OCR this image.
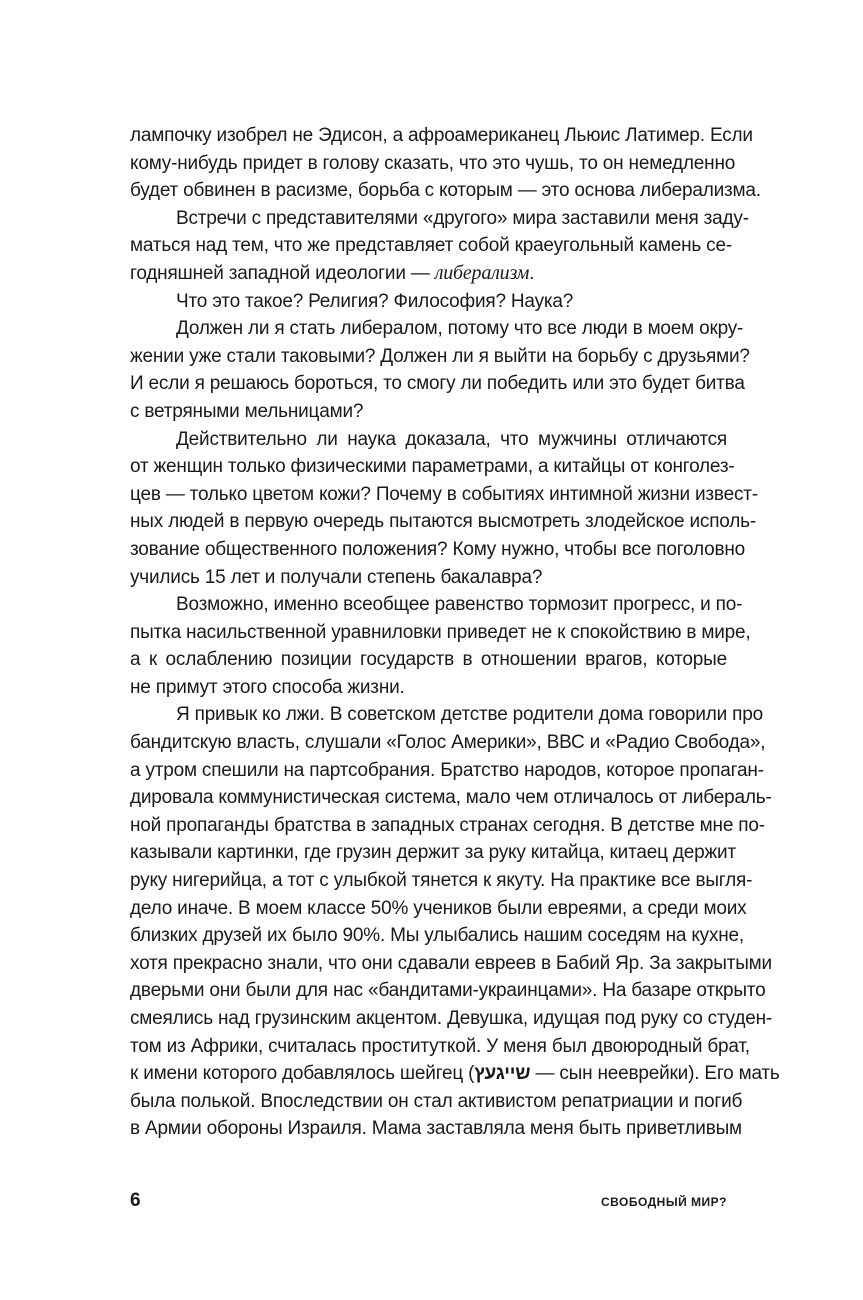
лампочку изобрел не Эдисон, а афроамериканец Льюис Латимер. Если
кому-нибудь придет в голову сказать, что это чушь, то он немедленно
будет обвинен в расизме, борьба с которым — это основа либерализма.
Встречи с представителями «другого» мира заставили меня заду-
маться над тем, что же представляет собой краеугольный камень се-
годняшней западной идеологии — либерализм.
Что это такое? Религия? Философия? Наука?
Должен ли я стать либералом, потому что все люди в моем окру-
жении уже стали таковыми? Должен ли я выйти на борьбу с друзьями?
И если я решаюсь бороться, то смогу ли победить или это будет битва
с ветряными мельницами?
Действительно ли наука доказала, что мужчины отличаются
от женщин только физическими параметрами, а китайцы от конголез-
цев — только цветом кожи? Почему в событиях интимной жизни извест-
ных людей в первую очередь пытаются высмотреть злодейское исполь-
зование общественного положения? Кому нужно, чтобы все поголовно
учились 15 лет и получали степень бакалавра?
Возможно, именно всеобщее равенство тормозит прогресс, и по-
пытка насильственной уравниловки приведет не к спокойствию в мире,
а к ослаблению позиции государств в отношении врагов, которые
не примут этого способа жизни.
Я привык ко лжи. В советском детстве родители дома говорили про
бандитскую власть, слушали «Голос Америки», ВВС и «Радио Свобода»,
а утром спешили на партсобрания. Братство народов, которое пропаган-
дировала коммунистическая система, мало чем отличалось от либераль-
ной пропаганды братства в западных странах сегодня. В детстве мне по-
казывали картинки, где грузин держит за руку китайца, китаец держит
руку нигерийца, а тот с улыбкой тянется к якуту. На практике все выгля-
дело иначе. В моем классе 50% учеников были евреями, а среди моих
близких друзей их было 90%. Мы улыбались нашим соседям на кухне,
хотя прекрасно знали, что они сдавали евреев в Бабий Яр. За закрытыми
дверьми они были для нас «бандитами-украинцами». На базаре открыто
смеялись над грузинским акцентом. Девушка, идущая под руку со студен-
том из Африки, считалась проституткой. У меня был двоюродный брат,
к имени которого добавлялось шейгец (שייגעץ — сын нееврейки). Его мать
была полькой. Впоследствии он стал активистом репатриации и погиб
в Армии обороны Израиля. Мама заставляла меня быть приветливым
6	СВОБОДНЫЙ МИР?
